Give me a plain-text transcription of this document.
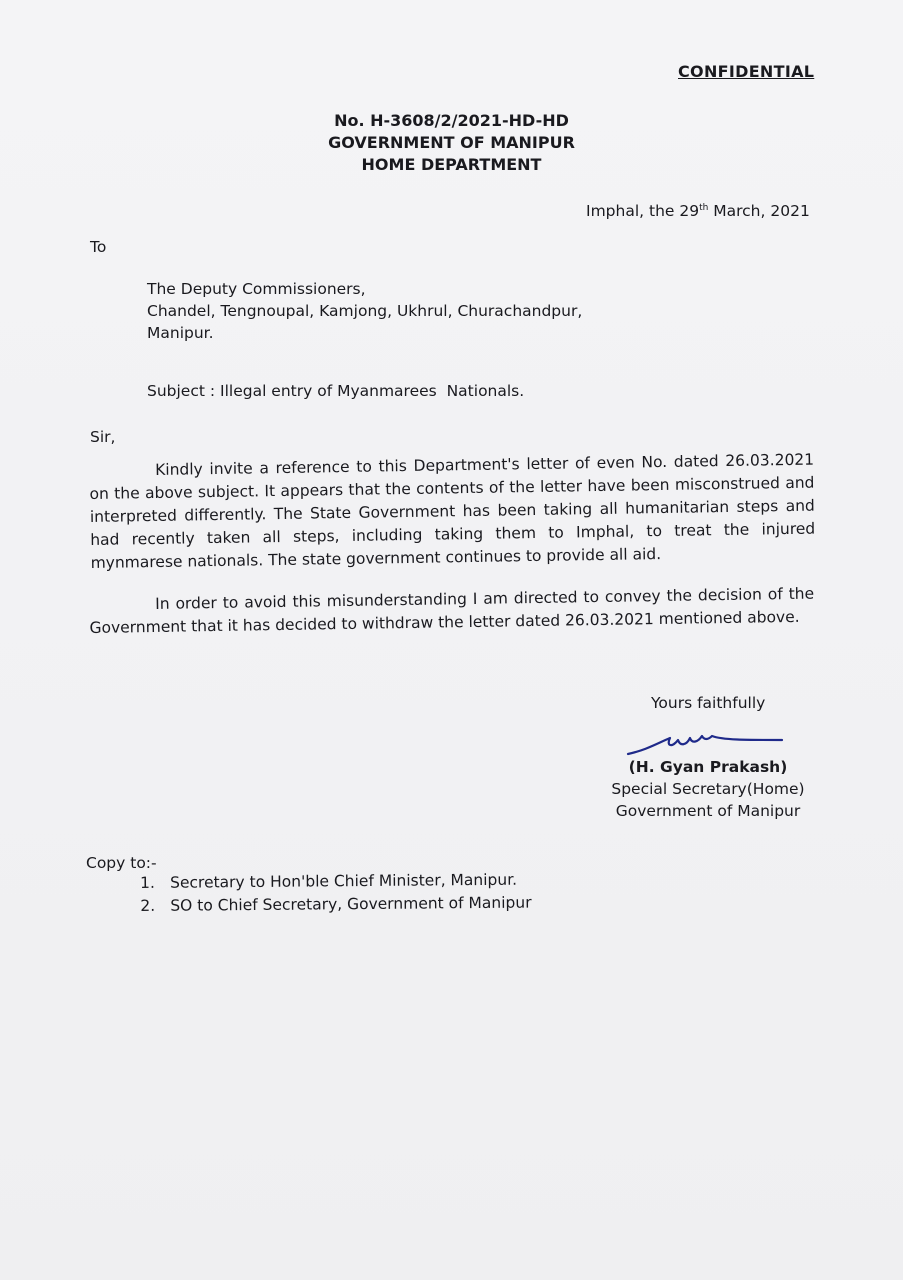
CONFIDENTIAL
No. H-3608/2/2021-HD-HD
GOVERNMENT OF MANIPUR
HOME DEPARTMENT
Imphal, the 29th March, 2021
To
The Deputy Commissioners,
Chandel, Tengnoupal, Kamjong, Ukhrul, Churachandpur,
Manipur.
Subject : Illegal entry of Myanmarees  Nationals.
Sir,
Kindly invite a reference to this Department's letter of even No. dated 26.03.2021 on the above subject. It appears that the contents of the letter have been misconstrued and interpreted differently. The State Government has been taking all humanitarian steps and had recently taken all steps, including taking them to Imphal, to treat the injured mynmarese nationals. The state government continues to provide all aid.
In order to avoid this misunderstanding I am directed to convey the decision of the Government that it has decided to withdraw the letter dated 26.03.2021 mentioned above.
Yours faithfully
(H. Gyan Prakash)
Special Secretary(Home)
Government of Manipur
Copy to:-
1. Secretary to Hon'ble Chief Minister, Manipur.
2. SO to Chief Secretary, Government of Manipur
